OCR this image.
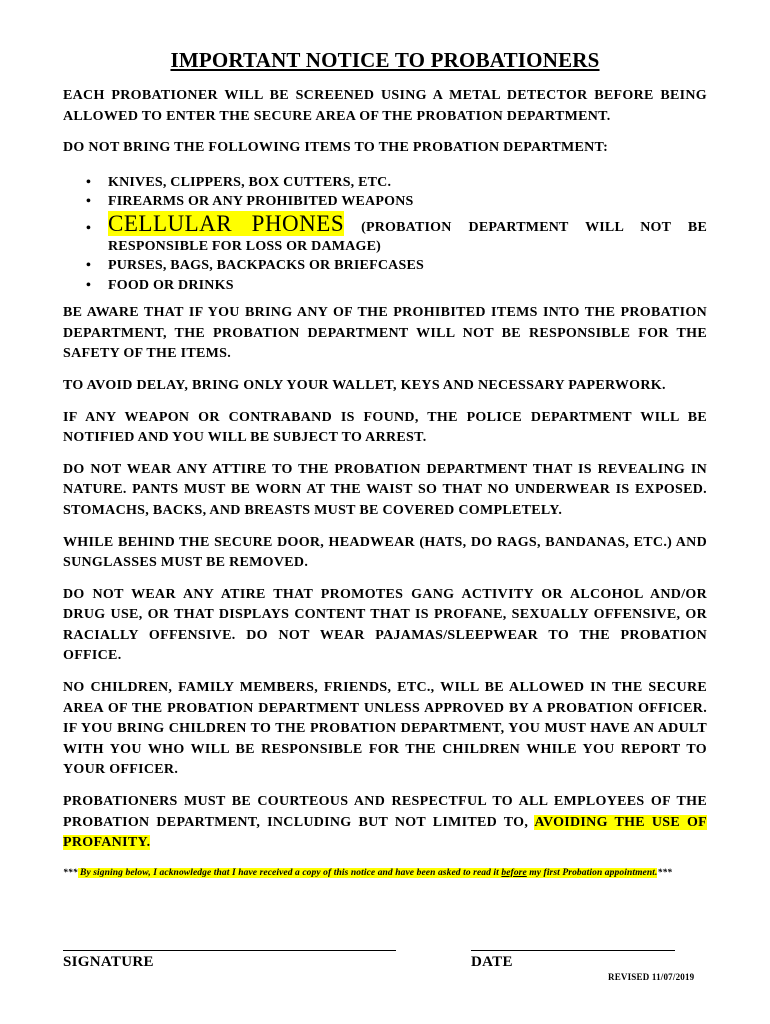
IMPORTANT NOTICE TO PROBATIONERS

EACH PROBATIONER WILL BE SCREENED USING A METAL DETECTOR BEFORE BEING ALLOWED TO ENTER THE SECURE AREA OF THE PROBATION DEPARTMENT.

DO NOT BRING THE FOLLOWING ITEMS TO THE PROBATION DEPARTMENT:

• KNIVES, CLIPPERS, BOX CUTTERS, ETC.
• FIREARMS OR ANY PROHIBITED WEAPONS
• CELLULAR PHONES (PROBATION DEPARTMENT WILL NOT BE RESPONSIBLE FOR LOSS OR DAMAGE)
• PURSES, BAGS, BACKPACKS OR BRIEFCASES
• FOOD OR DRINKS

BE AWARE THAT IF YOU BRING ANY OF THE PROHIBITED ITEMS INTO THE PROBATION DEPARTMENT, THE PROBATION DEPARTMENT WILL NOT BE RESPONSIBLE FOR THE SAFETY OF THE ITEMS.

TO AVOID DELAY, BRING ONLY YOUR WALLET, KEYS AND NECESSARY PAPERWORK.

IF ANY WEAPON OR CONTRABAND IS FOUND, THE POLICE DEPARTMENT WILL BE NOTIFIED AND YOU WILL BE SUBJECT TO ARREST.

DO NOT WEAR ANY ATTIRE TO THE PROBATION DEPARTMENT THAT IS REVEALING IN NATURE. PANTS MUST BE WORN AT THE WAIST SO THAT NO UNDERWEAR IS EXPOSED. STOMACHS, BACKS, AND BREASTS MUST BE COVERED COMPLETELY.

WHILE BEHIND THE SECURE DOOR, HEADWEAR (HATS, DO RAGS, BANDANAS, ETC.) AND SUNGLASSES MUST BE REMOVED.

DO NOT WEAR ANY ATIRE THAT PROMOTES GANG ACTIVITY OR ALCOHOL AND/OR DRUG USE, OR THAT DISPLAYS CONTENT THAT IS PROFANE, SEXUALLY OFFENSIVE, OR RACIALLY OFFENSIVE. DO NOT WEAR PAJAMAS/SLEEPWEAR TO THE PROBATION OFFICE.

NO CHILDREN, FAMILY MEMBERS, FRIENDS, ETC., WILL BE ALLOWED IN THE SECURE AREA OF THE PROBATION DEPARTMENT UNLESS APPROVED BY A PROBATION OFFICER. IF YOU BRING CHILDREN TO THE PROBATION DEPARTMENT, YOU MUST HAVE AN ADULT WITH YOU WHO WILL BE RESPONSIBLE FOR THE CHILDREN WHILE YOU REPORT TO YOUR OFFICER.

PROBATIONERS MUST BE COURTEOUS AND RESPECTFUL TO ALL EMPLOYEES OF THE PROBATION DEPARTMENT, INCLUDING BUT NOT LIMITED TO, AVOIDING THE USE OF PROFANITY.

*** By signing below, I acknowledge that I have received a copy of this notice and have been asked to read it before my first Probation appointment.***

SIGNATURE	DATE
REVISED 11/07/2019
